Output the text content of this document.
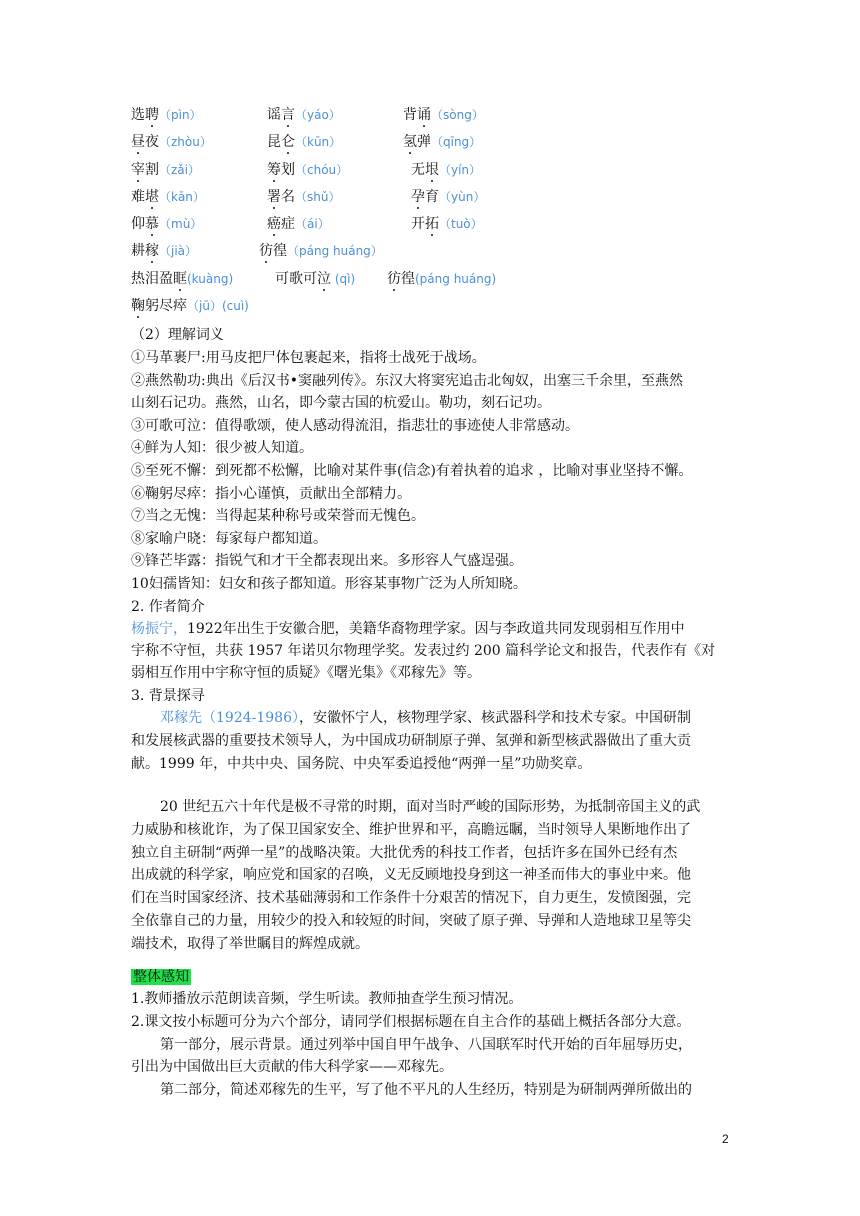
选聘（pìn）	谣言（yáo）	背诵（sòng）
昼夜（zhòu）	昆仑（kūn）	氢弹（qīng）
宰割（zǎi）	筹划（chóu）	无垠（yín）
难堪（kān）	署名（shǔ）	孕育（yùn）
仰慕（mù）	癌症（ái）	开拓（tuò）
耕稼（jià）	彷徨（páng huáng）
热泪盈眶(kuàng)	可歌可泣 (qì) 彷徨(páng huáng)
鞠躬尽瘁（jū）(cuì)
（2）理解词义
①马革裹尸:用马皮把尸体包裹起来，指将士战死于战场。
②燕然勒功:典出《后汉书•窦融列传》。东汉大将窦宪追击北匈奴，出塞三千余里，至燕然
山刻石记功。燕然，山名，即今蒙古国的杭爱山。勒功，刻石记功。
③可歌可泣：值得歌颂，使人感动得流泪，指悲壮的事迹使人非常感动。
④鲜为人知：很少被人知道。
⑤至死不懈：到死都不松懈，比喻对某件事(信念)有着执着的追求 ，比喻对事业坚持不懈。
⑥鞠躬尽瘁：指小心谨慎，贡献出全部精力。
⑦当之无愧：当得起某种称号或荣誉而无愧色。
⑧家喻户晓：每家每户都知道。
⑨锋芒毕露：指锐气和才干全都表现出来。多形容人气盛逞强。
10妇孺皆知：妇女和孩子都知道。形容某事物广泛为人所知晓。
2. 作者简介
杨振宁，1922年出生于安徽合肥，美籍华裔物理学家。因与李政道共同发现弱相互作用中
宇称不守恒，共获 1957 年诺贝尔物理学奖。发表过约 200 篇科学论文和报告，代表作有《对
弱相互作用中宇称守恒的质疑》《曙光集》《邓稼先》等。
3. 背景探寻
邓稼先（1924-1986），安徽怀宁人，核物理学家、核武器科学和技术专家。中国研制
和发展核武器的重要技术领导人，为中国成功研制原子弹、氢弹和新型核武器做出了重大贡
献。1999 年，中共中央、国务院、中央军委追授他“两弹一星”功勋奖章。
20 世纪五六十年代是极不寻常的时期，面对当时严峻的国际形势，为抵制帝国主义的武
力威胁和核讹诈，为了保卫国家安全、维护世界和平，高瞻远瞩，当时领导人果断地作出了
独立自主研制“两弹一星”的战略决策。大批优秀的科技工作者，包括许多在国外已经有杰
出成就的科学家，响应党和国家的召唤，义无反顾地投身到这一神圣而伟大的事业中来。他
们在当时国家经济、技术基础薄弱和工作条件十分艰苦的情况下，自力更生，发愤图强，完
全依靠自己的力量，用较少的投入和较短的时间，突破了原子弹、导弹和人造地球卫星等尖
端技术，取得了举世瞩目的辉煌成就。
整体感知
1.教师播放示范朗读音频，学生听读。教师抽查学生预习情况。
2.课文按小标题可分为六个部分，请同学们根据标题在自主合作的基础上概括各部分大意。
第一部分，展示背景。通过列举中国自甲午战争、八国联军时代开始的百年屈辱历史，
引出为中国做出巨大贡献的伟大科学家——邓稼先。
第二部分，简述邓稼先的生平，写了他不平凡的人生经历，特别是为研制两弹所做出的
2
